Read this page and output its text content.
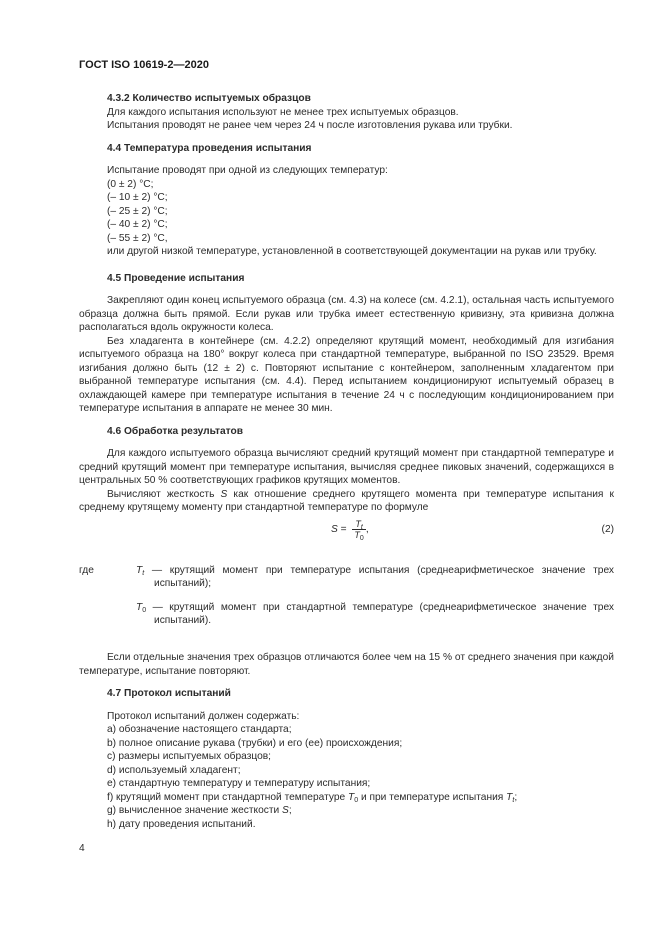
ГОСТ ISO 10619-2—2020

4.3.2 Количество испытуемых образцов

Для каждого испытания используют не менее трех испытуемых образцов.

Испытания проводят не ранее чем через 24 ч после изготовления рукава или трубки.

4.4 Температура проведения испытания

Испытание проводят при одной из следующих температур:

(0 ± 2) °С;

(– 10 ± 2) °С;

(– 25 ± 2) °С;

(– 40 ± 2) °С;

(– 55 ± 2) °С,

или другой низкой температуре, установленной в соответствующей документации на рукав или трубку.

4.5 Проведение испытания

Закрепляют один конец испытуемого образца (см. 4.3) на колесе (см. 4.2.1), остальная часть испытуемого образца должна быть прямой. Если рукав или трубка имеет естественную кривизну, эта кривизна должна располагаться вдоль окружности колеса.

Без хладагента в контейнере (см. 4.2.2) определяют крутящий момент, необходимый для изгибания испытуемого образца на 180° вокруг колеса при стандартной температуре, выбранной по ISO 23529. Время изгибания должно быть (12 ± 2) с. Повторяют испытание с контейнером, заполненным хладагентом при выбранной температуре испытания (см. 4.4). Перед испытанием кондиционируют испытуемый образец в охлаждающей камере при температуре испытания в течение 24 ч с последующим кондиционированием при температуре испытания в аппарате не менее 30 мин.

4.6 Обработка результатов

Для каждого испытуемого образца вычисляют средний крутящий момент при стандартной температуре и средний крутящий момент при температуре испытания, вычисляя среднее пиковых значений, содержащихся в центральных 50 % соответствующих графиков крутящих моментов.

Вычисляют жесткость S как отношение среднего крутящего момента при температуре испытания к среднему крутящему моменту при стандартной температуре по формуле

$S = \frac{T_t}{T_0}$ ,	(2)
где	$T_t$ — крутящий момент при температуре испытания (среднеарифметическое значение трех испытаний);

$T_0$ — крутящий момент при стандартной температуре (среднеарифметическое значение трех испытаний).

Если отдельные значения трех образцов отличаются более чем на 15 % от среднего значения при каждой температуре, испытание повторяют.

4.7 Протокол испытаний

Протокол испытаний должен содержать:

a) обозначение настоящего стандарта;

b) полное описание рукава (трубки) и его (ее) происхождения;

c) размеры испытуемых образцов;

d) используемый хладагент;

e) стандартную температуру и температуру испытания;

f) крутящий момент при стандартной температуре $T_0$ и при температуре испытания $T_t$;

g) вычисленное значение жесткости S;

h) дату проведения испытаний.

4
